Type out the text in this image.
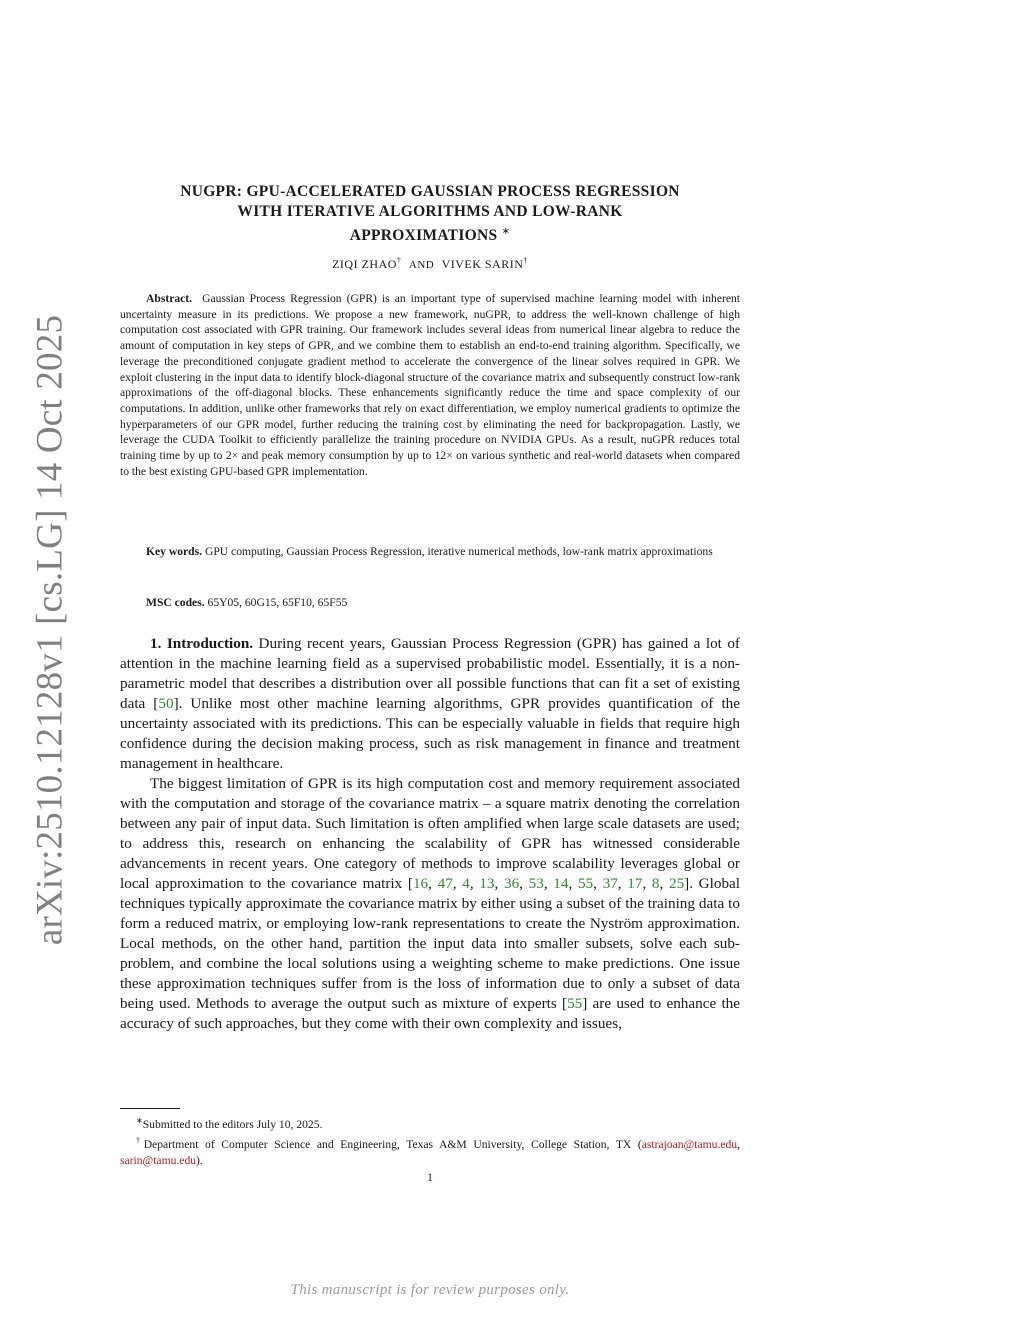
arXiv:2510.12128v1 [cs.LG] 14 Oct 2025
NUGPR: GPU-ACCELERATED GAUSSIAN PROCESS REGRESSION
WITH ITERATIVE ALGORITHMS AND LOW-RANK
APPROXIMATIONS ∗
ZIQI ZHAO† AND VIVEK SARIN†

Abstract. Gaussian Process Regression (GPR) is an important type of supervised machine learning model with inherent uncertainty measure in its predictions. We propose a new framework, nuGPR, to address the well-known challenge of high computation cost associated with GPR training. Our framework includes several ideas from numerical linear algebra to reduce the amount of computation in key steps of GPR, and we combine them to establish an end-to-end training algorithm. Specifically, we leverage the preconditioned conjugate gradient method to accelerate the convergence of the linear solves required in GPR. We exploit clustering in the input data to identify block-diagonal structure of the covariance matrix and subsequently construct low-rank approximations of the off-diagonal blocks. These enhancements significantly reduce the time and space complexity of our computations. In addition, unlike other frameworks that rely on exact differentiation, we employ numerical gradients to optimize the hyperparameters of our GPR model, further reducing the training cost by eliminating the need for backpropagation. Lastly, we leverage the CUDA Toolkit to efficiently parallelize the training procedure on NVIDIA GPUs. As a result, nuGPR reduces total training time by up to 2× and peak memory consumption by up to 12× on various synthetic and real-world datasets when compared to the best existing GPU-based GPR implementation.

Key words. GPU computing, Gaussian Process Regression, iterative numerical methods, low-rank matrix approximations

MSC codes. 65Y05, 60G15, 65F10, 65F55

1. Introduction. During recent years, Gaussian Process Regression (GPR) has gained a lot of attention in the machine learning field as a supervised probabilistic model. Essentially, it is a non-parametric model that describes a distribution over all possible functions that can fit a set of existing data [50]. Unlike most other machine learning algorithms, GPR provides quantification of the uncertainty associated with its predictions. This can be especially valuable in fields that require high confidence during the decision making process, such as risk management in finance and treatment management in healthcare.

The biggest limitation of GPR is its high computation cost and memory requirement associated with the computation and storage of the covariance matrix – a square matrix denoting the correlation between any pair of input data. Such limitation is often amplified when large scale datasets are used; to address this, research on enhancing the scalability of GPR has witnessed considerable advancements in recent years. One category of methods to improve scalability leverages global or local approximation to the covariance matrix [16, 47, 4, 13, 36, 53, 14, 55, 37, 17, 8, 25]. Global techniques typically approximate the covariance matrix by either using a subset of the training data to form a reduced matrix, or employing low-rank representations to create the Nyström approximation. Local methods, on the other hand, partition the input data into smaller subsets, solve each sub-problem, and combine the local solutions using a weighting scheme to make predictions. One issue these approximation techniques suffer from is the loss of information due to only a subset of data being used. Methods to average the output such as mixture of experts [55] are used to enhance the accuracy of such approaches, but they come with their own complexity and issues,

∗Submitted to the editors July 10, 2025.

†Department of Computer Science and Engineering, Texas A&M University, College Station, TX (astrajoan@tamu.edu, sarin@tamu.edu).

1
This manuscript is for review purposes only.
